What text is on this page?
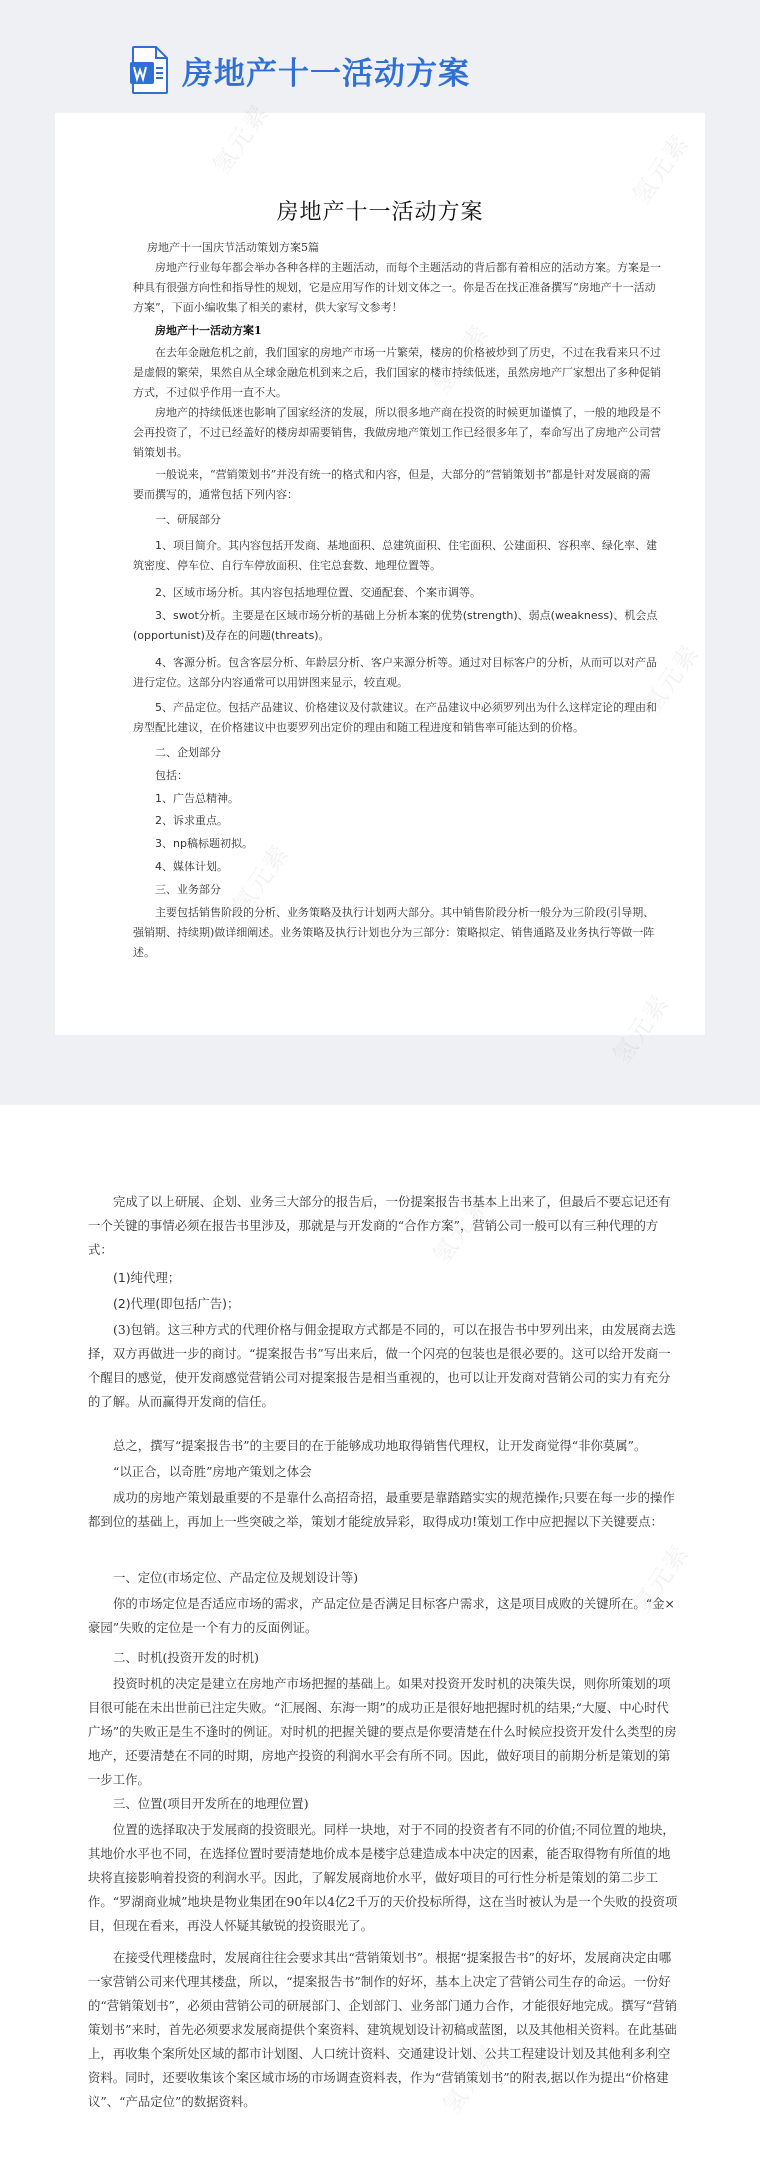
房地产十一活动方案
房地产十一活动方案

房地产十一国庆节活动策划方案5篇

房地产行业每年都会举办各种各样的主题活动，而每个主题活动的背后都有着相应的活动方案。方案是一种具有很强方向性和指导性的规划，它是应用写作的计划文体之一。你是否在找正准备撰写“房地产十一活动方案”，下面小编收集了相关的素材，供大家写文参考！

房地产十一活动方案1

在去年金融危机之前，我们国家的房地产市场一片繁荣，楼房的价格被炒到了历史，不过在我看来只不过是虚假的繁荣，果然自从全球金融危机到来之后，我们国家的楼市持续低迷，虽然房地产厂家想出了多种促销方式，不过似乎作用一直不大。

房地产的持续低迷也影响了国家经济的发展，所以很多地产商在投资的时候更加谨慎了，一般的地段是不会再投资了，不过已经盖好的楼房却需要销售，我做房地产策划工作已经很多年了，奉命写出了房地产公司营销策划书。

一般说来，“营销策划书”并没有统一的格式和内容，但是，大部分的“营销策划书”都是针对发展商的需要而撰写的，通常包括下列内容：

一、研展部分

1、项目简介。其内容包括开发商、基地面积、总建筑面积、住宅面积、公建面积、容积率、绿化率、建筑密度、停车位、自行车停放面积、住宅总套数、地理位置等。

2、区域市场分析。其内容包括地理位置、交通配套、个案市调等。

3、swot分析。主要是在区域市场分析的基础上分析本案的优势(strength)、弱点(weakness)、机会点(opportunist)及存在的问题(threats)。

4、客源分析。包含客层分析、年龄层分析、客户来源分析等。通过对目标客户的分析，从而可以对产品进行定位。这部分内容通常可以用饼图来显示，较直观。

5、产品定位。包括产品建议、价格建议及付款建议。在产品建议中必须罗列出为什么这样定论的理由和房型配比建议，在价格建议中也要罗列出定价的理由和随工程进度和销售率可能达到的价格。

二、企划部分

包括：

1、广告总精神。

2、诉求重点。

3、np稿标题初拟。

4、媒体计划。

三、业务部分

主要包括销售阶段的分析、业务策略及执行计划两大部分。其中销售阶段分析一般分为三阶段(引导期、强销期、持续期)做详细阐述。业务策略及执行计划也分为三部分：策略拟定、销售通路及业务执行等做一阵述。

完成了以上研展、企划、业务三大部分的报告后，一份提案报告书基本上出来了，但最后不要忘记还有一个关键的事情必须在报告书里涉及，那就是与开发商的“合作方案”，营销公司一般可以有三种代理的方式：

(1)纯代理；

(2)代理(即包括广告)；

(3)包销。这三种方式的代理价格与佣金提取方式都是不同的，可以在报告书中罗列出来，由发展商去选择，双方再做进一步的商讨。“提案报告书”写出来后，做一个闪亮的包装也是很必要的。这可以给开发商一个醒目的感觉，使开发商感觉营销公司对提案报告是相当重视的，也可以让开发商对营销公司的实力有充分的了解。从而赢得开发商的信任。

总之，撰写“提案报告书”的主要目的在于能够成功地取得销售代理权，让开发商觉得“非你莫属”。

“以正合，以奇胜”房地产策划之体会

成功的房地产策划最重要的不是靠什么高招奇招，最重要是靠踏踏实实的规范操作;只要在每一步的操作都到位的基础上，再加上一些突破之举，策划才能绽放异彩，取得成功!策划工作中应把握以下关键要点：

一、定位(市场定位、产品定位及规划设计等)

你的市场定位是否适应市场的需求，产品定位是否满足目标客户需求，这是项目成败的关键所在。“金×豪园”失败的定位是一个有力的反面例证。

二、时机(投资开发的时机)

投资时机的决定是建立在房地产市场把握的基础上。如果对投资开发时机的决策失误，则你所策划的项目很可能在未出世前已注定失败。“汇展阁、东海一期”的成功正是很好地把握时机的结果;“大厦、中心时代广场”的失败正是生不逢时的例证。对时机的把握关键的要点是你要清楚在什么时候应投资开发什么类型的房地产，还要清楚在不同的时期，房地产投资的利润水平会有所不同。因此，做好项目的前期分析是策划的第一步工作。

三、位置(项目开发所在的地理位置)

位置的选择取决于发展商的投资眼光。同样一块地，对于不同的投资者有不同的价值;不同位置的地块，其地价水平也不同，在选择位置时要清楚地价成本是楼宇总建造成本中决定的因素，能否取得物有所值的地块将直接影响着投资的利润水平。因此，了解发展商地价水平，做好项目的可行性分析是策划的第二步工作。“罗湖商业城”地块是物业集团在90年以4亿2千万的天价投标所得，这在当时被认为是一个失败的投资项目，但现在看来，再没人怀疑其敏锐的投资眼光了。

在接受代理楼盘时，发展商往往会要求其出“营销策划书”。根据“提案报告书”的好坏，发展商决定由哪一家营销公司来代理其楼盘，所以，“提案报告书”制作的好坏，基本上决定了营销公司生存的命运。一份好的“营销策划书”，必须由营销公司的研展部门、企划部门、业务部门通力合作，才能很好地完成。撰写“营销策划书”来时，首先必须要求发展商提供个案资料、建筑规划设计初稿或蓝图，以及其他相关资料。在此基础上，再收集个案所处区域的都市计划图、人口统计资料、交通建设计划、公共工程建设计划及其他利多利空资料。同时，还要收集该个案区域市场的市场调查资料表，作为“营销策划书”的附表,据以作为提出“价格建议”、“产品定位”的数据资料。

氢元素
氢元素
氢元素
氢元素
